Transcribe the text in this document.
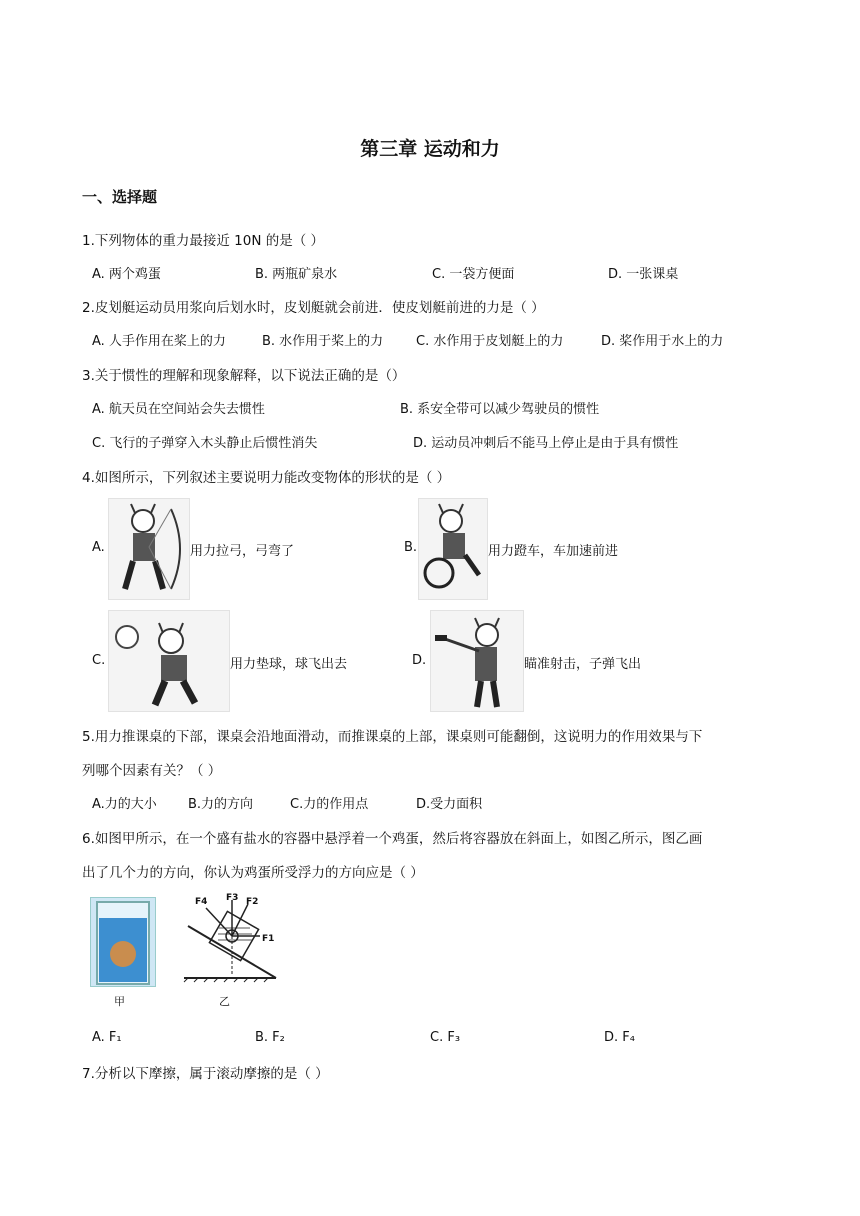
第三章 运动和力
一、选择题
1.下列物体的重力最接近 10N 的是（ ）
A. 两个鸡蛋	B. 两瓶矿泉水	C. 一袋方便面	D. 一张课桌
2.皮划艇运动员用浆向后划水时，皮划艇就会前进．使皮划艇前进的力是（ ）
A. 人手作用在桨上的力	B. 水作用于桨上的力	C. 水作用于皮划艇上的力	D. 桨作用于水上的力
3.关于惯性的理解和现象解释，以下说法正确的是（）
A. 航天员在空间站会失去惯性	B. 系安全带可以减少驾驶员的惯性
C. 飞行的子弹穿入木头静止后惯性消失	D. 运动员冲刺后不能马上停止是由于具有惯性
4.如图所示，下列叙述主要说明力能改变物体的形状的是（ ）
A.	用力拉弓，弓弯了	B.	用力蹬车，车加速前进
C.	用力垫球，球飞出去	D.	瞄准射击，子弹飞出
5.用力推课桌的下部，课桌会沿地面滑动，而推课桌的上部，课桌则可能翻倒，这说明力的作用效果与下
列哪个因素有关？（ ）
A.力的大小 B.力的方向	C.力的作用点	D.受力面积
6.如图甲所示，在一个盛有盐水的容器中悬浮着一个鸡蛋，然后将容器放在斜面上，如图乙所示，图乙画
出了几个力的方向，你认为鸡蛋所受浮力的方向应是（ ）
甲
F4 F3 F2
F1
乙
A. F₁	B. F₂	C. F₃	D. F₄
7.分析以下摩擦，属于滚动摩擦的是（ ）
